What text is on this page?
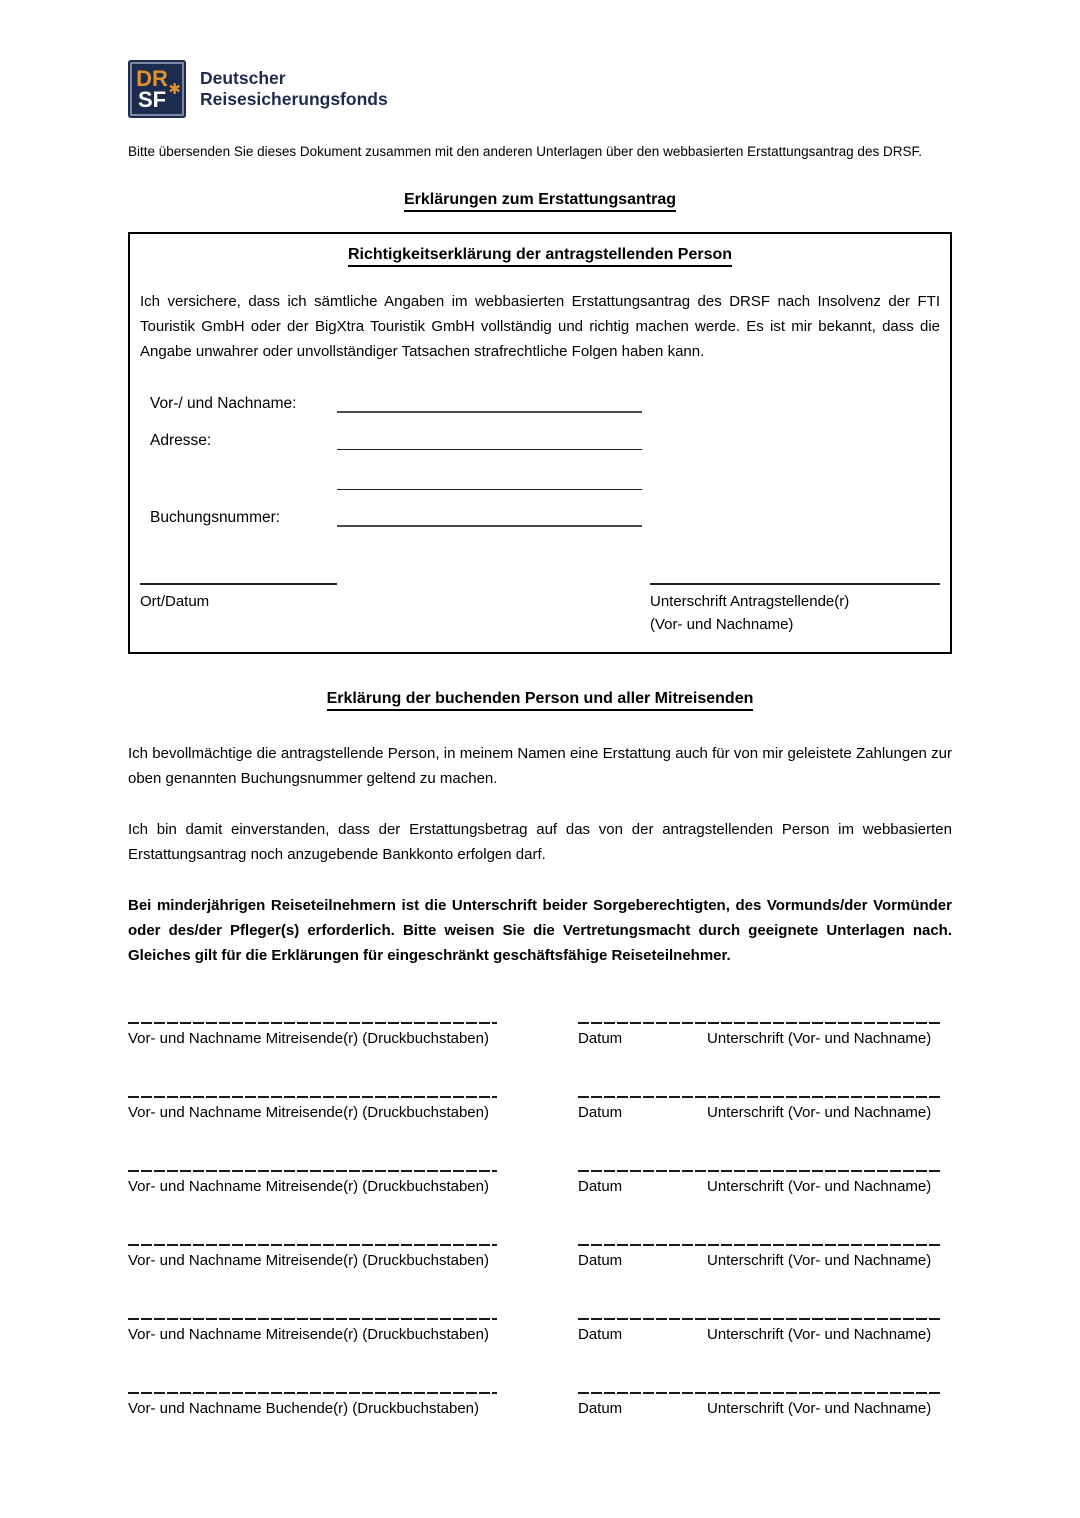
DR
SF ✱
Deutscher
Reisesicherungsfonds
Bitte übersenden Sie dieses Dokument zusammen mit den anderen Unterlagen über den webbasierten Erstattungsantrag des DRSF.
Erklärungen zum Erstattungsantrag
Richtigkeitserklärung der antragstellenden Person
Ich versichere, dass ich sämtliche Angaben im webbasierten Erstattungsantrag des DRSF nach Insolvenz der FTI Touristik GmbH oder der BigXtra Touristik GmbH vollständig und richtig machen werde. Es ist mir bekannt, dass die Angabe unwahrer oder unvollständiger Tatsachen strafrechtliche Folgen haben kann.
Vor-/ und Nachname:
Adresse:
Buchungsnummer:
Ort/Datum	Unterschrift Antragstellende(r)
(Vor- und Nachname)
Erklärung der buchenden Person und aller Mitreisenden
Ich bevollmächtige die antragstellende Person, in meinem Namen eine Erstattung auch für von mir geleistete Zahlungen zur oben genannten Buchungsnummer geltend zu machen.
Ich bin damit einverstanden, dass der Erstattungsbetrag auf das von der antragstellenden Person im webbasierten Erstattungsantrag noch anzugebende Bankkonto erfolgen darf.
Bei minderjährigen Reiseteilnehmern ist die Unterschrift beider Sorgeberechtigten, des Vormunds/der Vormünder oder des/der Pfleger(s) erforderlich. Bitte weisen Sie die Vertretungsmacht durch geeignete Unterlagen nach. Gleiches gilt für die Erklärungen für eingeschränkt geschäftsfähige Reiseteilnehmer.
Vor- und Nachname Mitreisende(r) (Druckbuchstaben)	Datum	Unterschrift (Vor- und Nachname)
Vor- und Nachname Mitreisende(r) (Druckbuchstaben)	Datum	Unterschrift (Vor- und Nachname)
Vor- und Nachname Mitreisende(r) (Druckbuchstaben)	Datum	Unterschrift (Vor- und Nachname)
Vor- und Nachname Mitreisende(r) (Druckbuchstaben)	Datum	Unterschrift (Vor- und Nachname)
Vor- und Nachname Mitreisende(r) (Druckbuchstaben)	Datum	Unterschrift (Vor- und Nachname)
Vor- und Nachname Buchende(r) (Druckbuchstaben)	Datum	Unterschrift (Vor- und Nachname)
